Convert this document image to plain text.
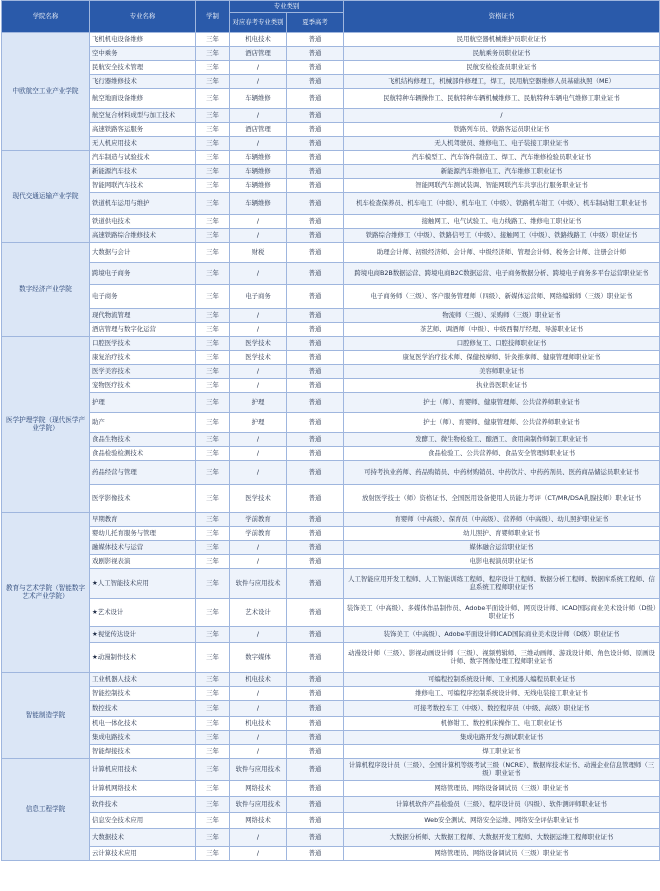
学院名称	专业名称	学制	专业类别		资格证书
			对应春考专业类别	夏季高考	
中欧航空工业产业学院	飞机机电设备维修	三年	机电技术	普通	民用航空器机械维护员职业证书
	空中乘务	三年	酒店管理	普通	民航乘务员职业证书
	民航安全技术管理	三年	/	普通	民航安检检查员职业证书
	飞行器维修技术	三年	/	普通	飞机结构修理工，机械部件修理工，焊工，民用航空器维修人员基础执照（ME）
	航空地面设备维修	三年	车辆维修	普通	民航特种车辆操作工、民航特种车辆机械维修工、民航特种车辆电气维修工职业证书
	航空复合材料成型与加工技术	三年	/	普通	/
	高速铁路客运服务	三年	酒店管理	普通	铁路列车员、铁路客运员职业证书
	无人机应用技术	三年	/	普通	无人机驾驶员、维修电工、电子装接工职业证书
现代交通运输产业学院	汽车制造与试验技术	三年	车辆维修	普通	汽车模型工、汽车饰件制造工、焊工、汽车维修检验员职业证书
	新能源汽车技术	三年	车辆维修	普通	新能源汽车维修电工、汽车维修工职业证书
	智能网联汽车技术	三年	车辆维修	普通	智能网联汽车测试装调、智能网联汽车共享出行服务职业证书
	铁道机车运用与维护	三年	车辆维修	普通	机车检查保养员、机车电工（中级）、机车电工（中级）、铁路机车钳工（中级）、机车制动钳工职业证书
	铁道供电技术	三年	/	普通	接触网工、电气试验工、电力线路工、维修电工职业证书
	高速铁路综合维修技术	三年	/	普通	铁路综合维修工（中级）、铁路信号工（中级）、接触网工（中级）、铁路线路工（中级）职业证书
数字经济产业学院	大数据与会计	三年	财税	普通	助理会计师、初级经济师、会计师、中级经济师、管理会计师、税务会计师、注册会计师
	跨境电子商务	三年	/	普通	跨境电商B2B数据运营、跨境电商B2C数据运营、电子商务数据分析、跨境电子商务多平台运营职业证书
	电子商务	三年	电子商务	普通	电子商务师（三级）、客户服务管理师（四级）、新媒体运营师、网络编辑师（三级）职业证书
	现代物流管理	三年	/	普通	物流师（三级）、采购师（三级）职业证书
	酒店管理与数字化运营	三年	/	普通	茶艺师、调酒师（中级）、中级西餐厅经理、导游职业证书
医学护理学院（现代医学产业学院）	口腔医学技术	三年	医学技术	普通	口腔修复工、口腔技师职业证书
	康复治疗技术	三年	医学技术	普通	康复医学治疗技术师、保健按摩师、针灸推拿师、健康管理师职业证书
	医学美容技术	三年	/	普通	美容师职业证书
	宠物医疗技术	三年	/	普通	执业兽医职业证书
	护理	三年	护理	普通	护士（师）、育婴师、健康管理师、公共营养师职业证书
	助产	三年	护理	普通	护士（师）、育婴师、健康管理师、公共营养师职业证书
	食品生物技术	三年	/	普通	发酵工、微生物检验工、酿酒工、食用菌制作师制工职业证书
	食品检验检测技术	三年	/	普通	食品检验工、公共营养师、食品安全管理师职业证书
	药品经营与管理	三年	/	普通	可持考执业药师、药品购销员、中药材购销员、中药饮片、中药药剂员、医药商品储运员职业证书
	医学影像技术	三年	医学技术	普通	放射医学技士（师）资格证书、全国医用设备使用人员能力考评（CT/MR/DSA乳腺技师）职业证书
教育与艺术学院（智能数字艺术产业学院）	早期教育	三年	学前教育	普通	育婴师（中高级）、保育员（中高级）、营养师（中高级）、幼儿照护职业证书
	婴幼儿托育服务与管理	三年	学前教育	普通	幼儿照护、育婴师职业证书
	融媒体技术与运营	三年	/	普通	媒体融合运营职业证书
	戏剧影视表演	三年	/	普通	电影电视演员职业证书
	★人工智能技术应用	三年	软件与应用技术	普通	人工智能应用开发工程师、人工智能训练工程师、程序设计工程师、数据分析工程师、数据库系统工程师、信息系统工程师职业证书
	★艺术设计	三年	艺术设计	普通	装饰美工（中高级）、多媒体作品制作员、Adobe平面设计师、网页设计师、ICAD国际商业美术设计师（D级）职业证书
	★视觉传达设计	三年	/	普通	装饰美工（中高级）、Adobe平面设计师ICAD国际商业美术设计师（D级）职业证书
	★动漫制作技术	三年	数字媒体	普通	动漫设计师（三级）、影视动画设计师（三级）、视频剪辑师、三维动画师、游戏设计师、角色设计师、原画设计师、数字图像处理工程师职业证书
智能制造学院	工业机器人技术	三年	机电技术	普通	可编程控制系统设计师、工业机器人编程员职业证书
	智能控制技术	三年	/	普通	维修电工、可编程序控制系统设计师、无线电装接工职业证书
	数控技术	三年	/	普通	可接考数控车工（中级）、数控程序员（中级、高级）职业证书
	机电一体化技术	三年	机电技术	普通	机修钳工、数控机床操作工、电工职业证书
	集成电路技术	三年	/	普通	集成电路开发与测试职业证书
	智能焊接技术	三年	/	普通	焊工职业证书
信息工程学院	计算机应用技术	三年	软件与应用技术	普通	计算机程序设计员（三级）、全国计算机等级考试三级（NCRE）、数据库技术证书、动漫企业信息管理师（三级）职业证书
	计算机网络技术	三年	网络技术	普通	网络管理员、网络设备调试员（三级）职业证书
	软件技术	三年	软件与应用技术	普通	计算机软件产品检验员（三级）、程序设计员（四级）、软件测评师职业证书
	信息安全技术应用	三年	网络技术	普通	Web安全测试、网络安全运维、网络安全评估职业证书
	大数据技术	三年	/	普通	大数据分析师、大数据工程师、大数据开发工程师、大数据运维工程师职业证书
	云计算技术应用	三年	/	普通	网络管理员、网络设备调试员（三级）职业证书
